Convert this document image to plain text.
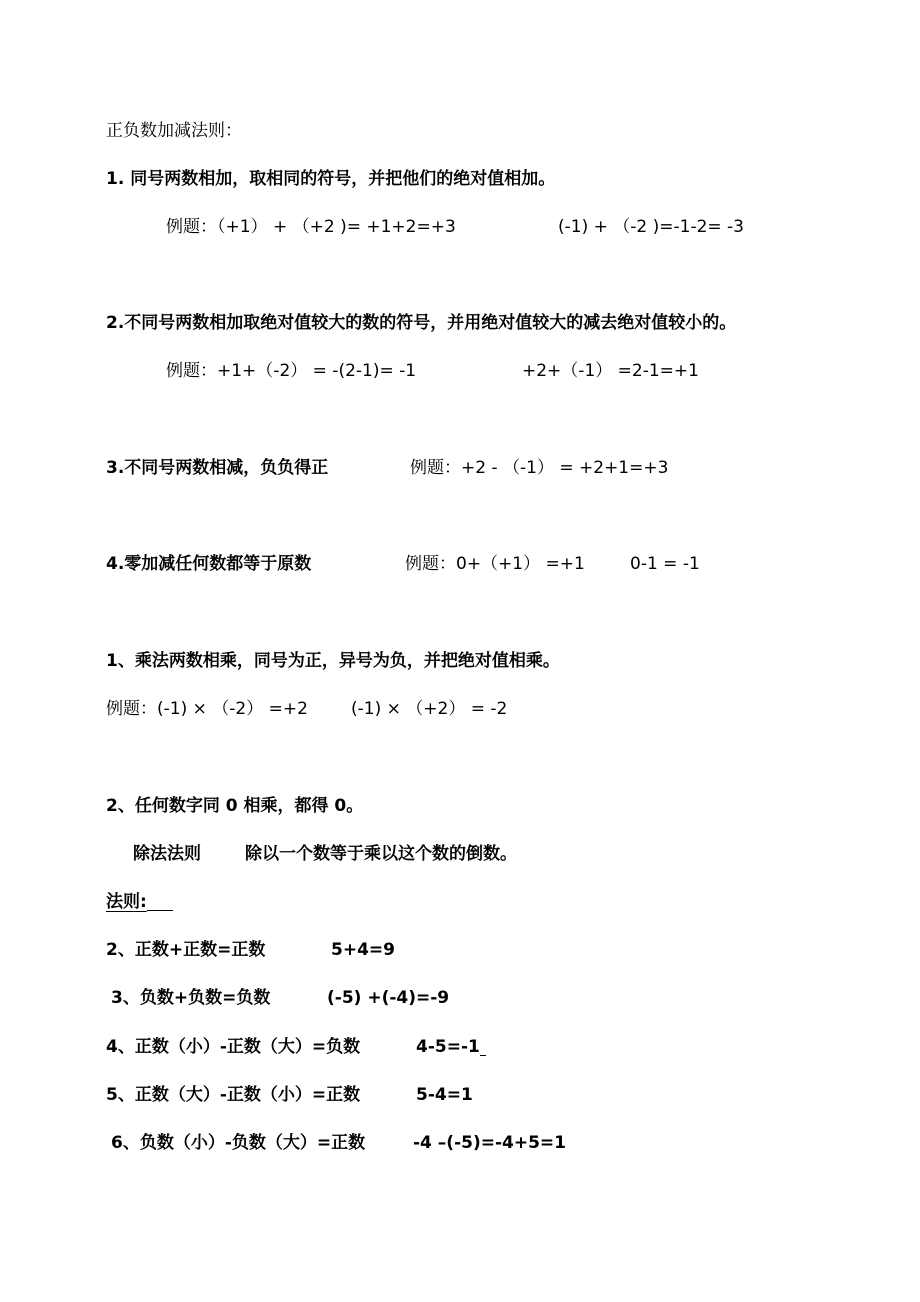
正负数加减法则：
1. 同号两数相加，取相同的符号，并把他们的绝对值相加。
例题：（+1） + （+2 )= +1+2=+3	(-1) + （-2 )=-1-2= -3
2.不同号两数相加取绝对值较大的数的符号，并用绝对值较大的减去绝对值较小的。
例题：+1+（-2） = -(2-1)= -1	+2+（-1） =2-1=+1
3.不同号两数相减，负负得正	例题：+2 - （-1） = +2+1=+3
4.零加减任何数都等于原数	例题：0+（+1） =+1	0-1 = -1
1、乘法两数相乘，同号为正，异号为负，并把绝对值相乘。
例题：(-1) × （-2） =+2	(-1) × （+2） = -2
2、任何数字同 0 相乘，都得 0。
除法法则	除以一个数等于乘以这个数的倒数。
法则:
2、正数+正数=正数	5+4=9
3、负数+负数=负数	(-5) +(-4)=-9
4、正数（小）-正数（大）=负数	4-5=-1
5、正数（大）-正数（小）=正数	5-4=1
6、负数（小）-负数（大）=正数	-4 –(-5)=-4+5=1
